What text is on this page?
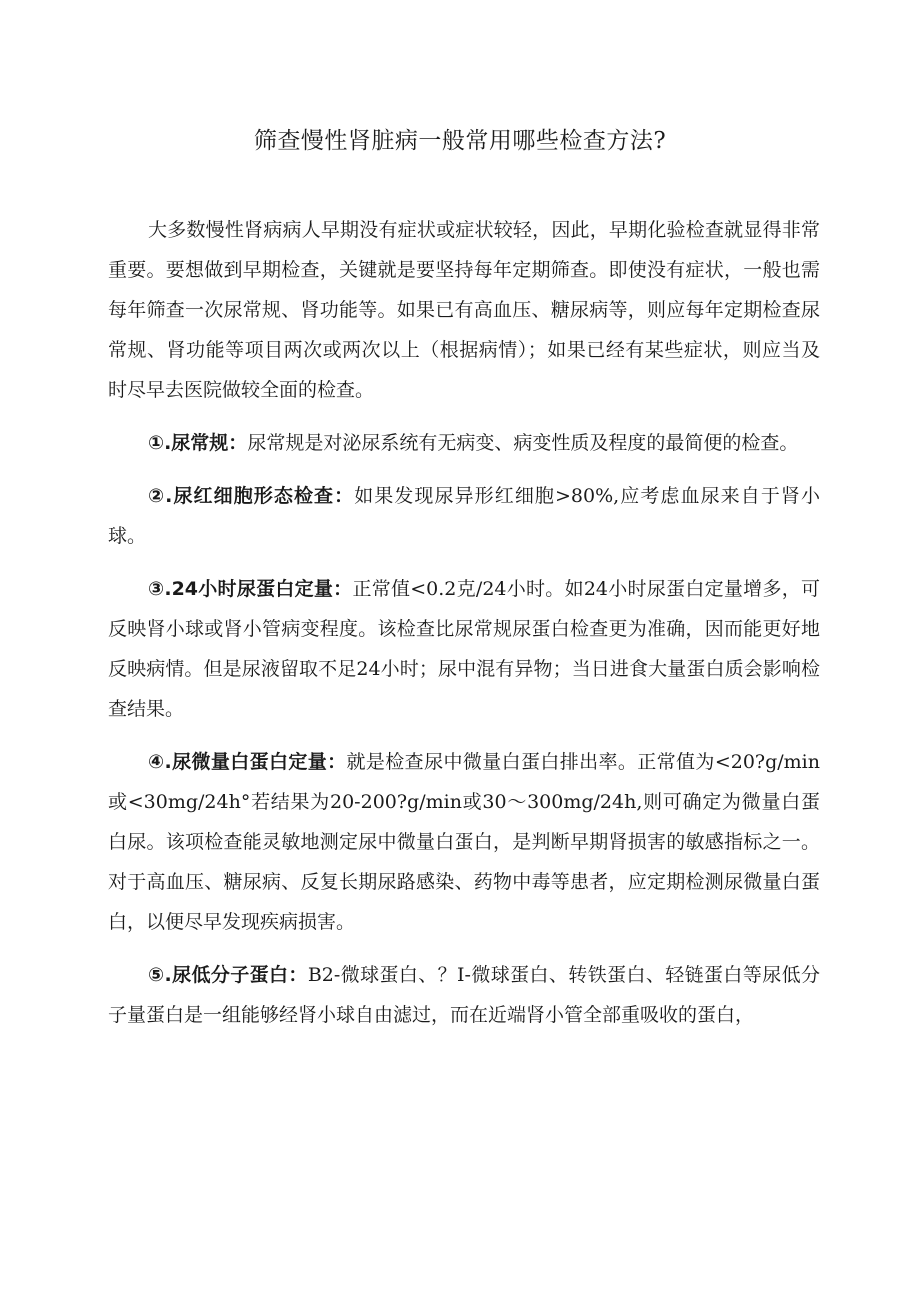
筛查慢性肾脏病一般常用哪些检查方法?

大多数慢性肾病病人早期没有症状或症状较轻，因此，早期化验检查就显得非常重要。要想做到早期检查，关键就是要坚持每年定期筛查。即使没有症状，一般也需每年筛查一次尿常规、肾功能等。如果已有高血压、糖尿病等，则应每年定期检查尿常规、肾功能等项目两次或两次以上（根据病情）；如果已经有某些症状，则应当及时尽早去医院做较全面的检查。

①.尿常规：尿常规是对泌尿系统有无病变、病变性质及程度的最简便的检查。

②.尿红细胞形态检查：如果发现尿异形红细胞>80%,应考虑血尿来自于肾小球。

③.24小时尿蛋白定量：正常值<0.2克/24小时。如24小时尿蛋白定量增多，可反映肾小球或肾小管病变程度。该检查比尿常规尿蛋白检查更为准确，因而能更好地反映病情。但是尿液留取不足24小时；尿中混有异物；当日进食大量蛋白质会影响检查结果。

④.尿微量白蛋白定量：就是检查尿中微量白蛋白排出率。正常值为<20?g/min或<30mg/24h°若结果为20-200?g/min或30～300mg/24h,则可确定为微量白蛋白尿。该项检查能灵敏地测定尿中微量白蛋白，是判断早期肾损害的敏感指标之一。对于高血压、糖尿病、反复长期尿路感染、药物中毒等患者，应定期检测尿微量白蛋白，以便尽早发现疾病损害。

⑤.尿低分子蛋白：B2-微球蛋白、？I-微球蛋白、转铁蛋白、轻链蛋白等尿低分子量蛋白是一组能够经肾小球自由滤过，而在近端肾小管全部重吸收的蛋白，
